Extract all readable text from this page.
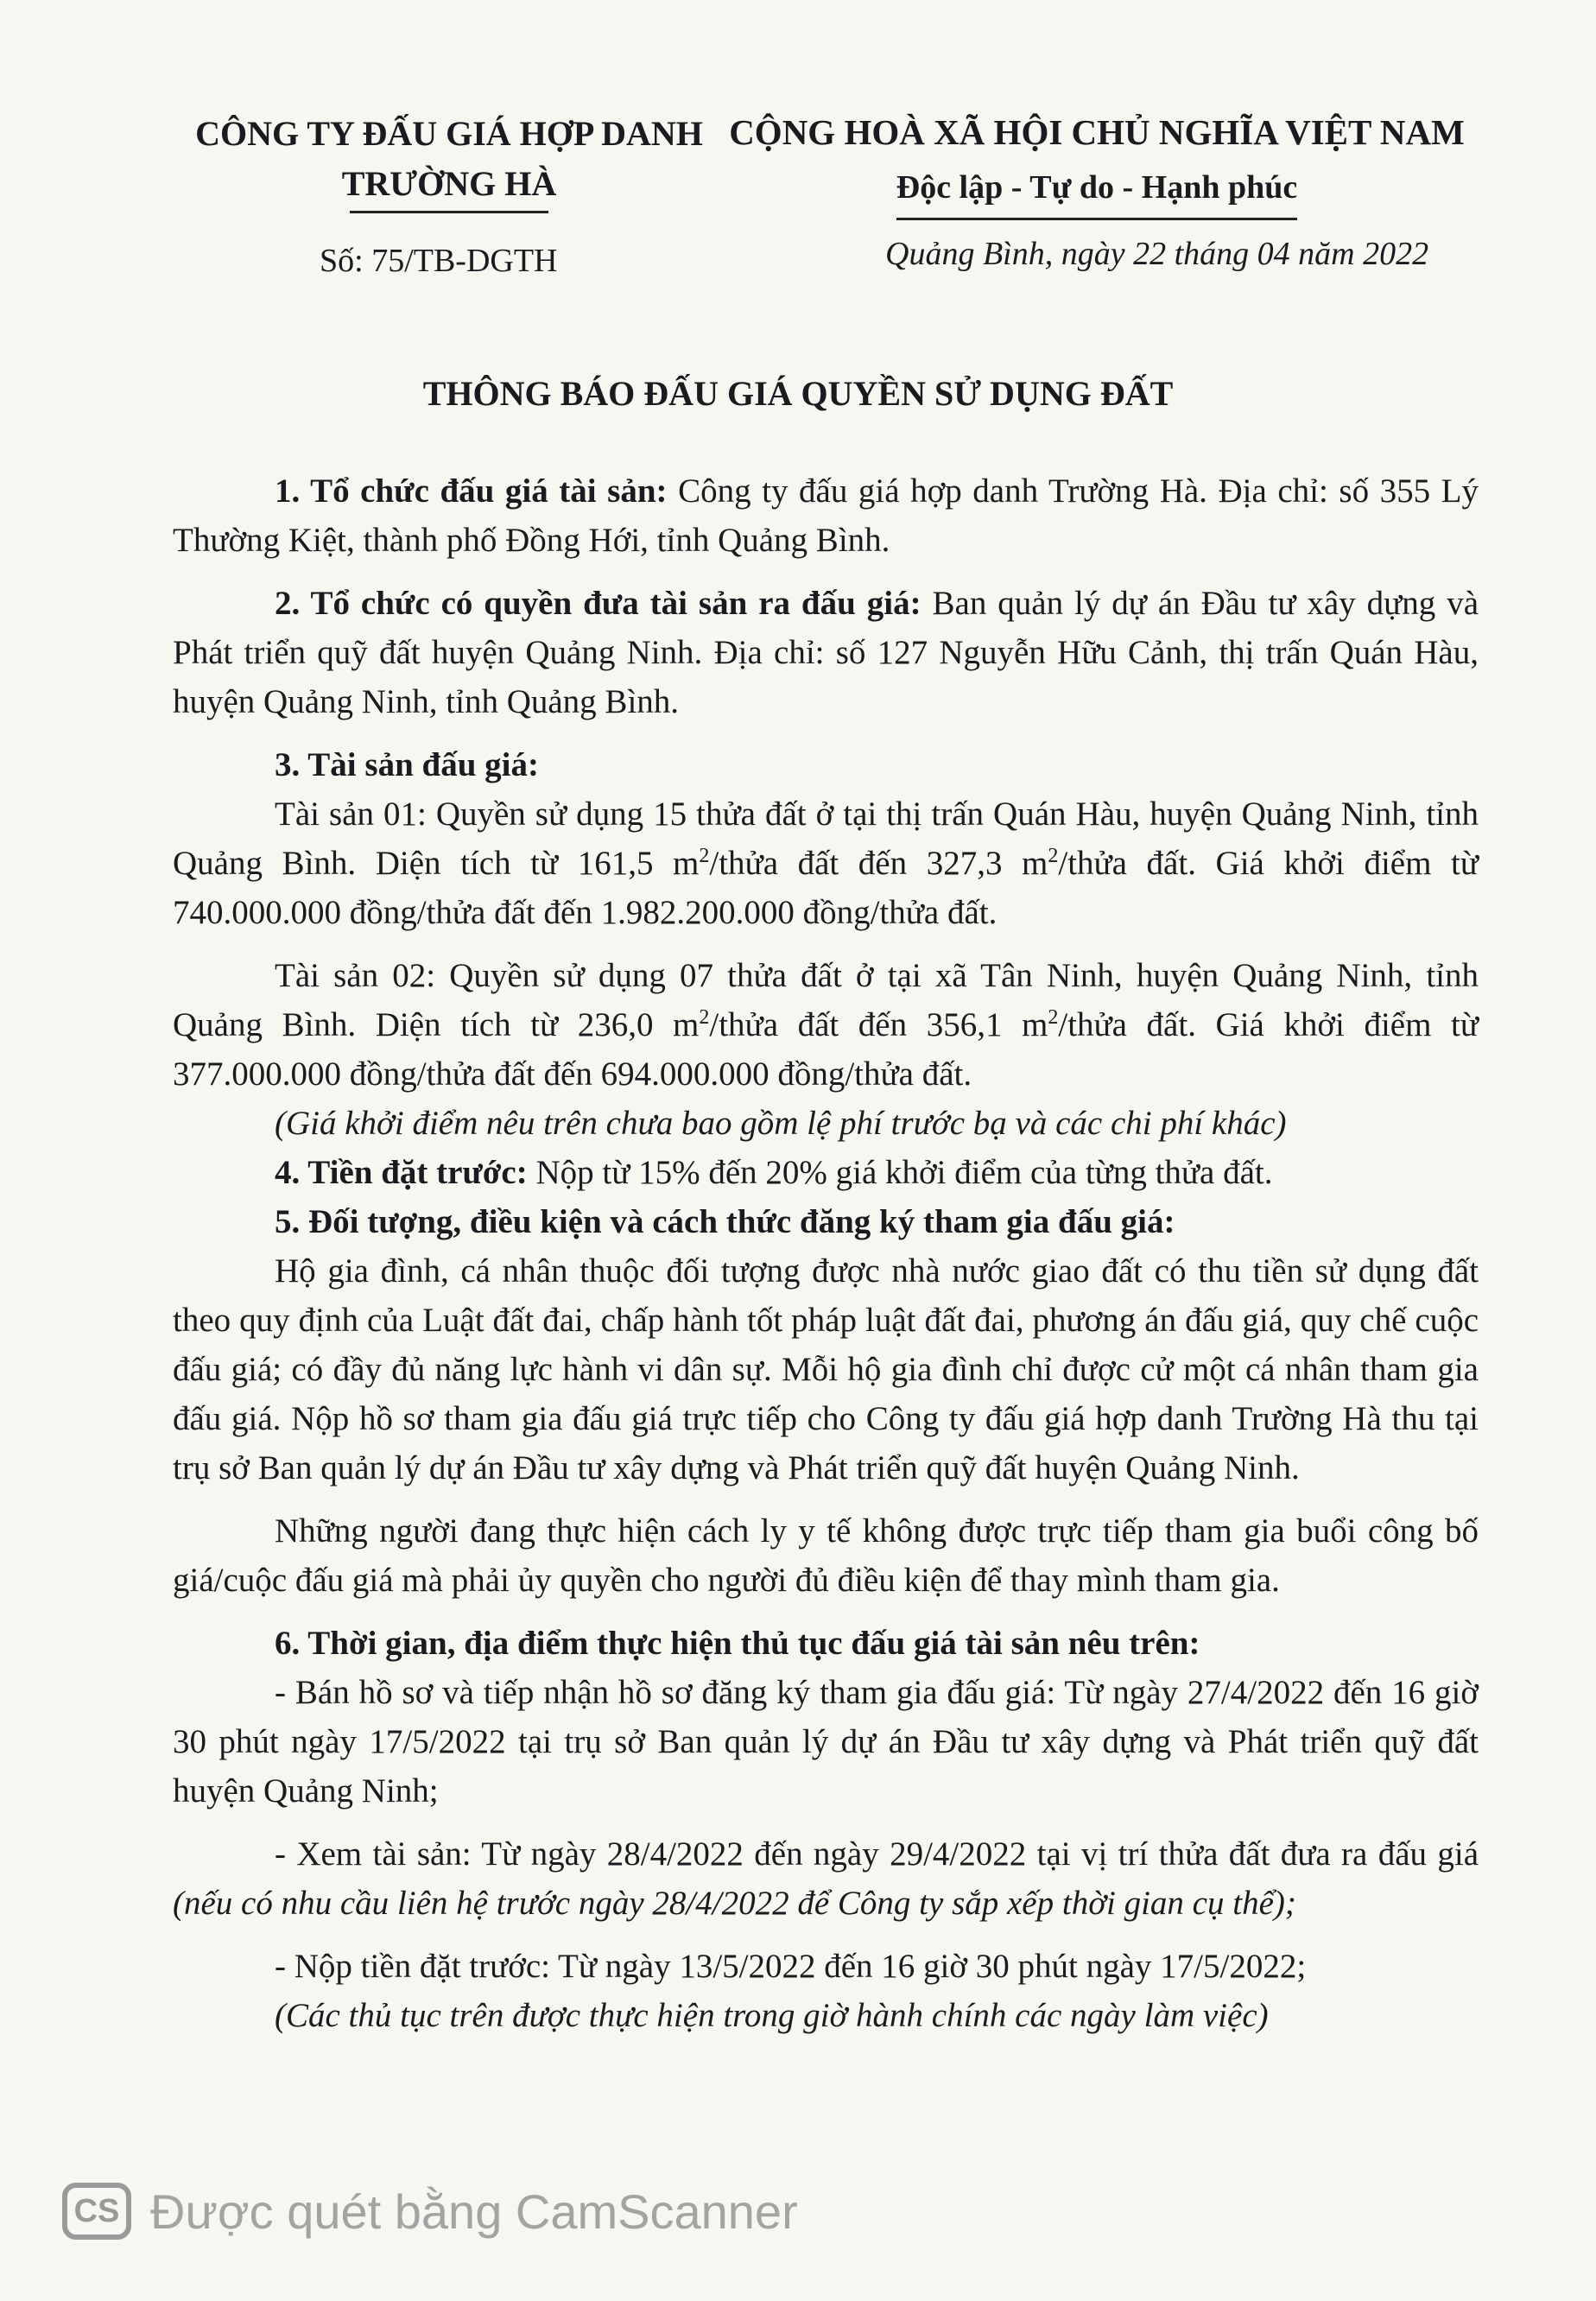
CÔNG TY ĐẤU GIÁ HỢP DANH
TRƯỜNG HÀ
CỘNG HOÀ XÃ HỘI CHỦ NGHĨA VIỆT NAM
Độc lập - Tự do - Hạnh phúc
Số: 75/TB-DGTH	Quảng Bình, ngày 22 tháng 04 năm 2022
THÔNG BÁO ĐẤU GIÁ QUYỀN SỬ DỤNG ĐẤT

1. Tổ chức đấu giá tài sản: Công ty đấu giá hợp danh Trường Hà. Địa chỉ: số 355 Lý Thường Kiệt, thành phố Đồng Hới, tỉnh Quảng Bình.

2. Tổ chức có quyền đưa tài sản ra đấu giá: Ban quản lý dự án Đầu tư xây dựng và Phát triển quỹ đất huyện Quảng Ninh. Địa chỉ: số 127 Nguyễn Hữu Cảnh, thị trấn Quán Hàu, huyện Quảng Ninh, tỉnh Quảng Bình.

3. Tài sản đấu giá:

Tài sản 01: Quyền sử dụng 15 thửa đất ở tại thị trấn Quán Hàu, huyện Quảng Ninh, tỉnh Quảng Bình. Diện tích từ 161,5 $m^2$/thửa đất đến 327,3 $m^2$/thửa đất. Giá khởi điểm từ 740.000.000 đồng/thửa đất đến 1.982.200.000 đồng/thửa đất.

Tài sản 02: Quyền sử dụng 07 thửa đất ở tại xã Tân Ninh, huyện Quảng Ninh, tỉnh Quảng Bình. Diện tích từ 236,0 $m^2$/thửa đất đến 356,1 $m^2$/thửa đất. Giá khởi điểm từ 377.000.000 đồng/thửa đất đến 694.000.000 đồng/thửa đất.

(Giá khởi điểm nêu trên chưa bao gồm lệ phí trước bạ và các chi phí khác)

4. Tiền đặt trước: Nộp từ 15% đến 20% giá khởi điểm của từng thửa đất.

5. Đối tượng, điều kiện và cách thức đăng ký tham gia đấu giá:

Hộ gia đình, cá nhân thuộc đối tượng được nhà nước giao đất có thu tiền sử dụng đất theo quy định của Luật đất đai, chấp hành tốt pháp luật đất đai, phương án đấu giá, quy chế cuộc đấu giá; có đầy đủ năng lực hành vi dân sự. Mỗi hộ gia đình chỉ được cử một cá nhân tham gia đấu giá. Nộp hồ sơ tham gia đấu giá trực tiếp cho Công ty đấu giá hợp danh Trường Hà thu tại trụ sở Ban quản lý dự án Đầu tư xây dựng và Phát triển quỹ đất huyện Quảng Ninh.

Những người đang thực hiện cách ly y tế không được trực tiếp tham gia buổi công bố giá/cuộc đấu giá mà phải ủy quyền cho người đủ điều kiện để thay mình tham gia.

6. Thời gian, địa điểm thực hiện thủ tục đấu giá tài sản nêu trên:

- Bán hồ sơ và tiếp nhận hồ sơ đăng ký tham gia đấu giá: Từ ngày 27/4/2022 đến 16 giờ 30 phút ngày 17/5/2022 tại trụ sở Ban quản lý dự án Đầu tư xây dựng và Phát triển quỹ đất huyện Quảng Ninh;

- Xem tài sản: Từ ngày 28/4/2022 đến ngày 29/4/2022 tại vị trí thửa đất đưa ra đấu giá (nếu có nhu cầu liên hệ trước ngày 28/4/2022 để Công ty sắp xếp thời gian cụ thể);

- Nộp tiền đặt trước: Từ ngày 13/5/2022 đến 16 giờ 30 phút ngày 17/5/2022;

(Các thủ tục trên được thực hiện trong giờ hành chính các ngày làm việc)

CS Được quét bằng CamScanner
